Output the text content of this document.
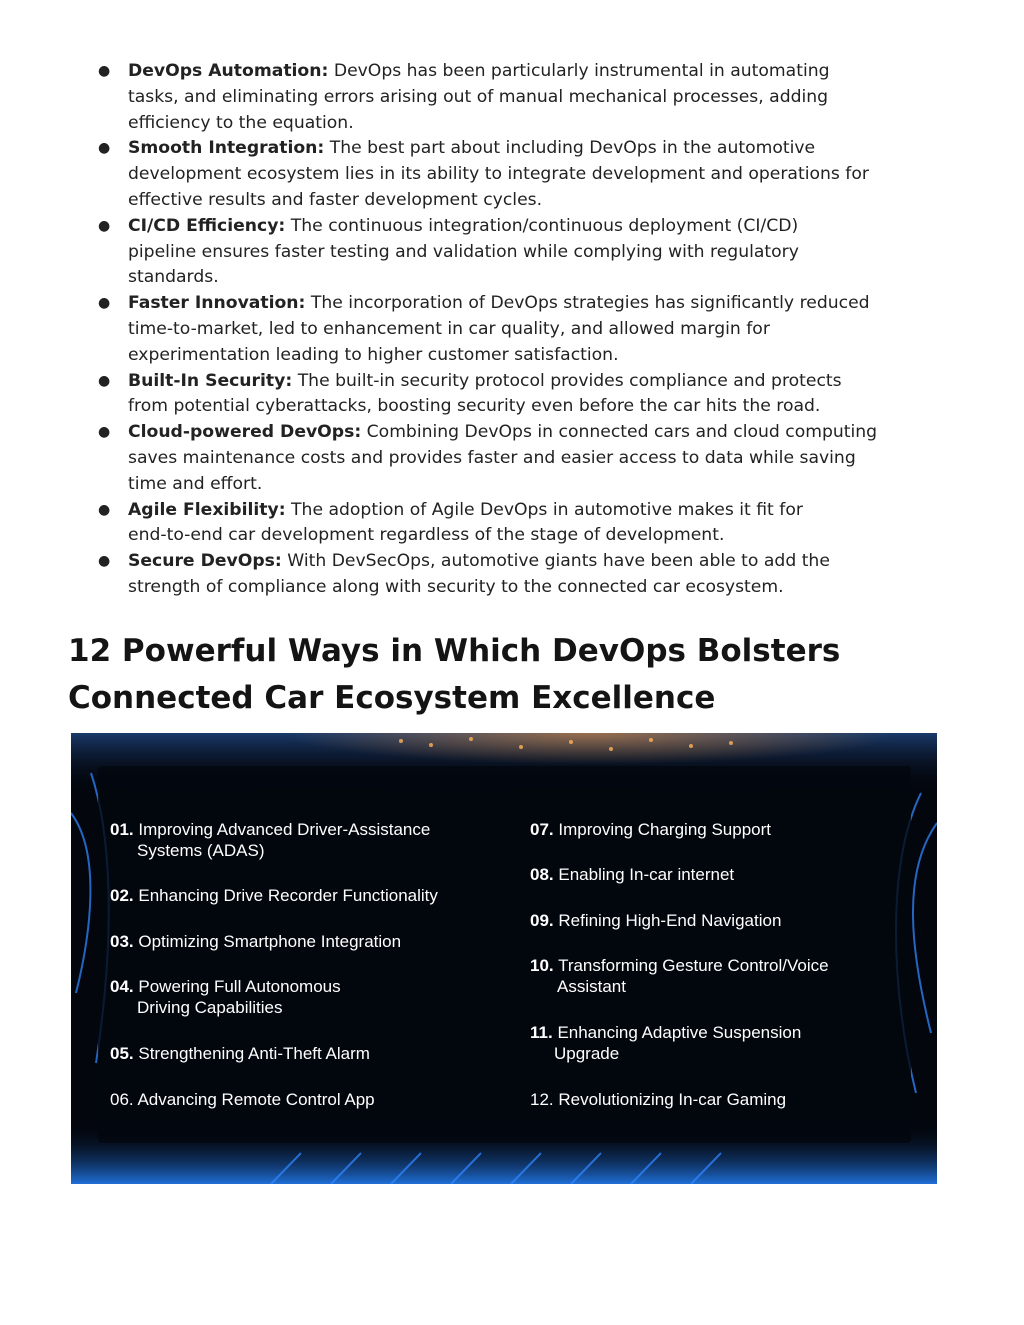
● DevOps Automation: DevOps has been particularly instrumental in automating
tasks, and eliminating errors arising out of manual mechanical processes, adding
efficiency to the equation.
● Smooth Integration: The best part about including DevOps in the automotive
development ecosystem lies in its ability to integrate development and operations for
effective results and faster development cycles.
● CI/CD Efficiency: The continuous integration/continuous deployment (CI/CD)
pipeline ensures faster testing and validation while complying with regulatory
standards.
● Faster Innovation: The incorporation of DevOps strategies has significantly reduced
time-to-market, led to enhancement in car quality, and allowed margin for
experimentation leading to higher customer satisfaction.
● Built-In Security: The built-in security protocol provides compliance and protects
from potential cyberattacks, boosting security even before the car hits the road.
● Cloud-powered DevOps: Combining DevOps in connected cars and cloud computing
saves maintenance costs and provides faster and easier access to data while saving
time and effort.
● Agile Flexibility: The adoption of Agile DevOps in automotive makes it fit for
end-to-end car development regardless of the stage of development.
● Secure DevOps: With DevSecOps, automotive giants have been able to add the
strength of compliance along with security to the connected car ecosystem.
12 Powerful Ways in Which DevOps Bolsters
Connected Car Ecosystem Excellence
01. Improving Advanced Driver-Assistance
Systems (ADAS)
02. Enhancing Drive Recorder Functionality
03. Optimizing Smartphone Integration
04. Powering Full Autonomous
Driving Capabilities
05. Strengthening Anti-Theft Alarm
06. Advancing Remote Control App
07. Improving Charging Support
08. Enabling In-car internet
09. Refining High-End Navigation
10. Transforming Gesture Control/Voice
Assistant
11. Enhancing Adaptive Suspension
Upgrade
12. Revolutionizing In-car Gaming
